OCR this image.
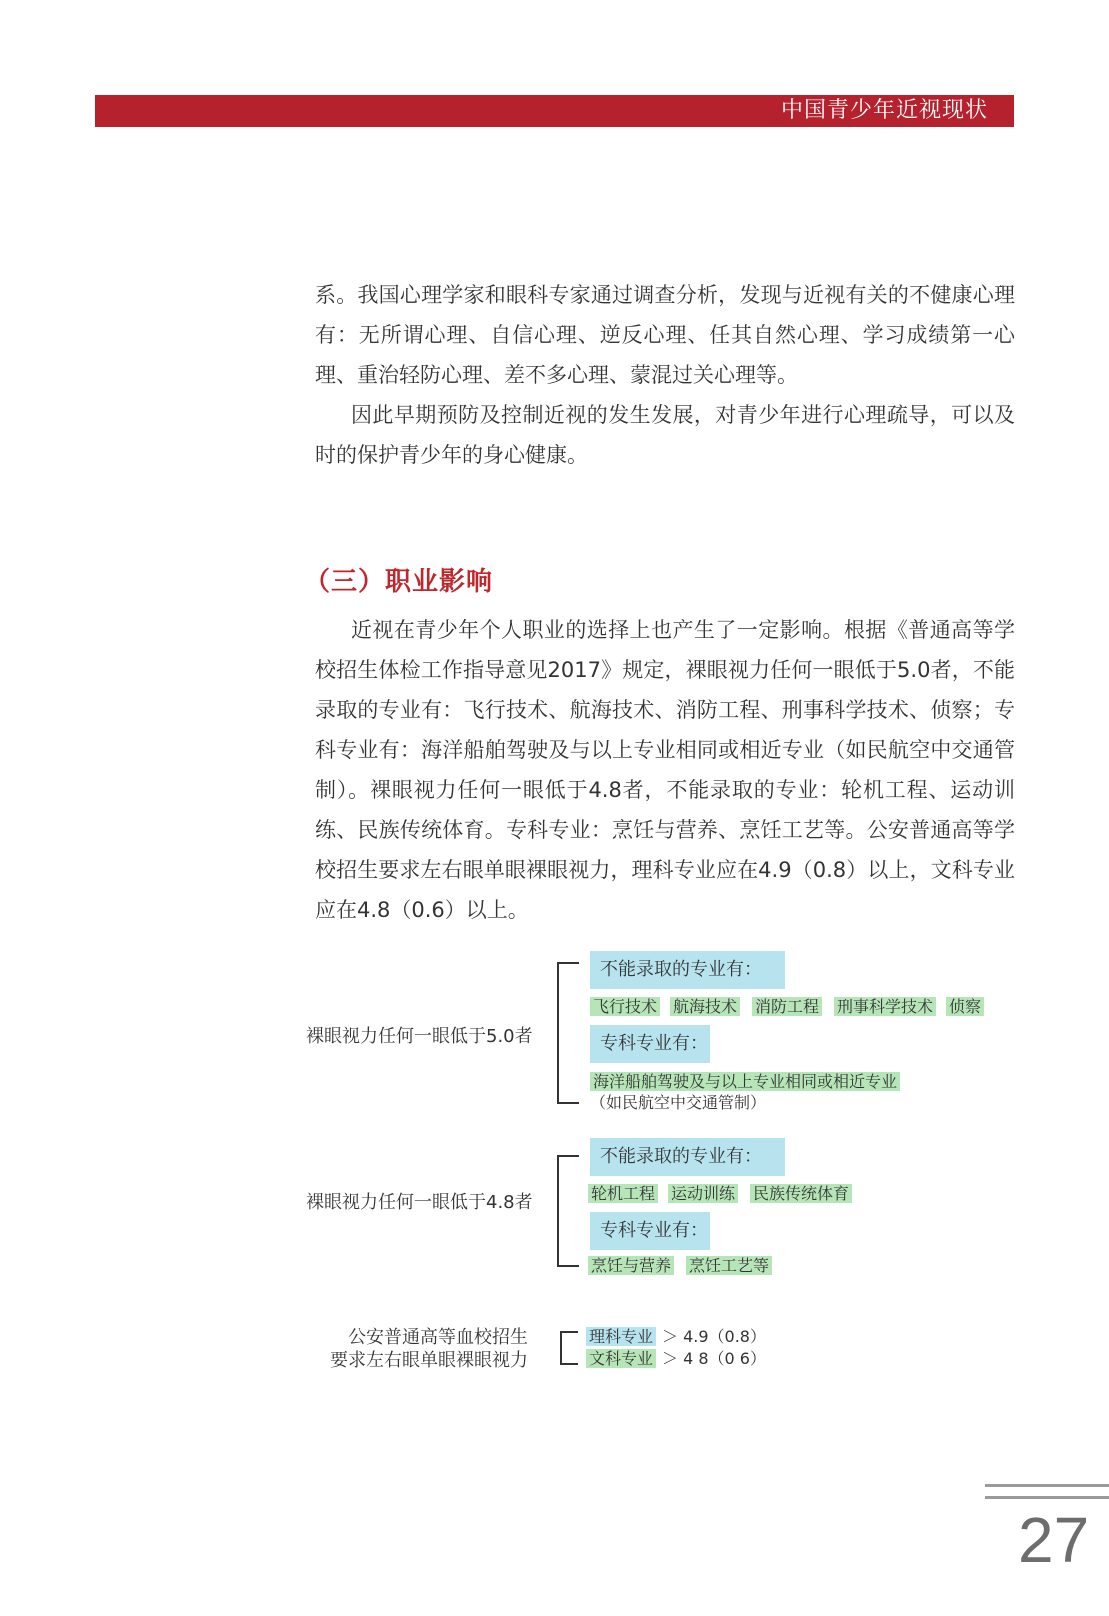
中国青少年近视现状

系。我国心理学家和眼科专家通过调查分析，发现与近视有关的不健康心理有：无所谓心理、自信心理、逆反心理、任其自然心理、学习成绩第一心理、重治轻防心理、差不多心理、蒙混过关心理等。

因此早期预防及控制近视的发生发展，对青少年进行心理疏导，可以及时的保护青少年的身心健康。

（三）职业影响

近视在青少年个人职业的选择上也产生了一定影响。根据《普通高等学校招生体检工作指导意见2017》规定，裸眼视力任何一眼低于5.0者，不能录取的专业有：飞行技术、航海技术、消防工程、刑事科学技术、侦察；专科专业有：海洋船舶驾驶及与以上专业相同或相近专业（如民航空中交通管制）。裸眼视力任何一眼低于4.8者，不能录取的专业：轮机工程、运动训练、民族传统体育。专科专业：烹饪与营养、烹饪工艺等。公安普通高等学校招生要求左右眼单眼裸眼视力，理科专业应在4.9（0.8）以上，文科专业应在4.8（0.6）以上。

裸眼视力任何一眼低于5.0者
不能录取的专业有：
飞行技术 航海技术 消防工程 刑事科学技术 侦察
专科专业有：
海洋船舶驾驶及与以上专业相同或相近专业
（如民航空中交通管制）
裸眼视力任何一眼低于4.8者
不能录取的专业有：
轮机工程 运动训练 民族传统体育
专科专业有：
烹饪与营养 烹饪工艺等
公安普通高等血校招生
要求左右眼单眼裸眼视力
理科专业 ＞ 4.9（0.8）
文科专业 ＞ 4 8（0 6）
27
